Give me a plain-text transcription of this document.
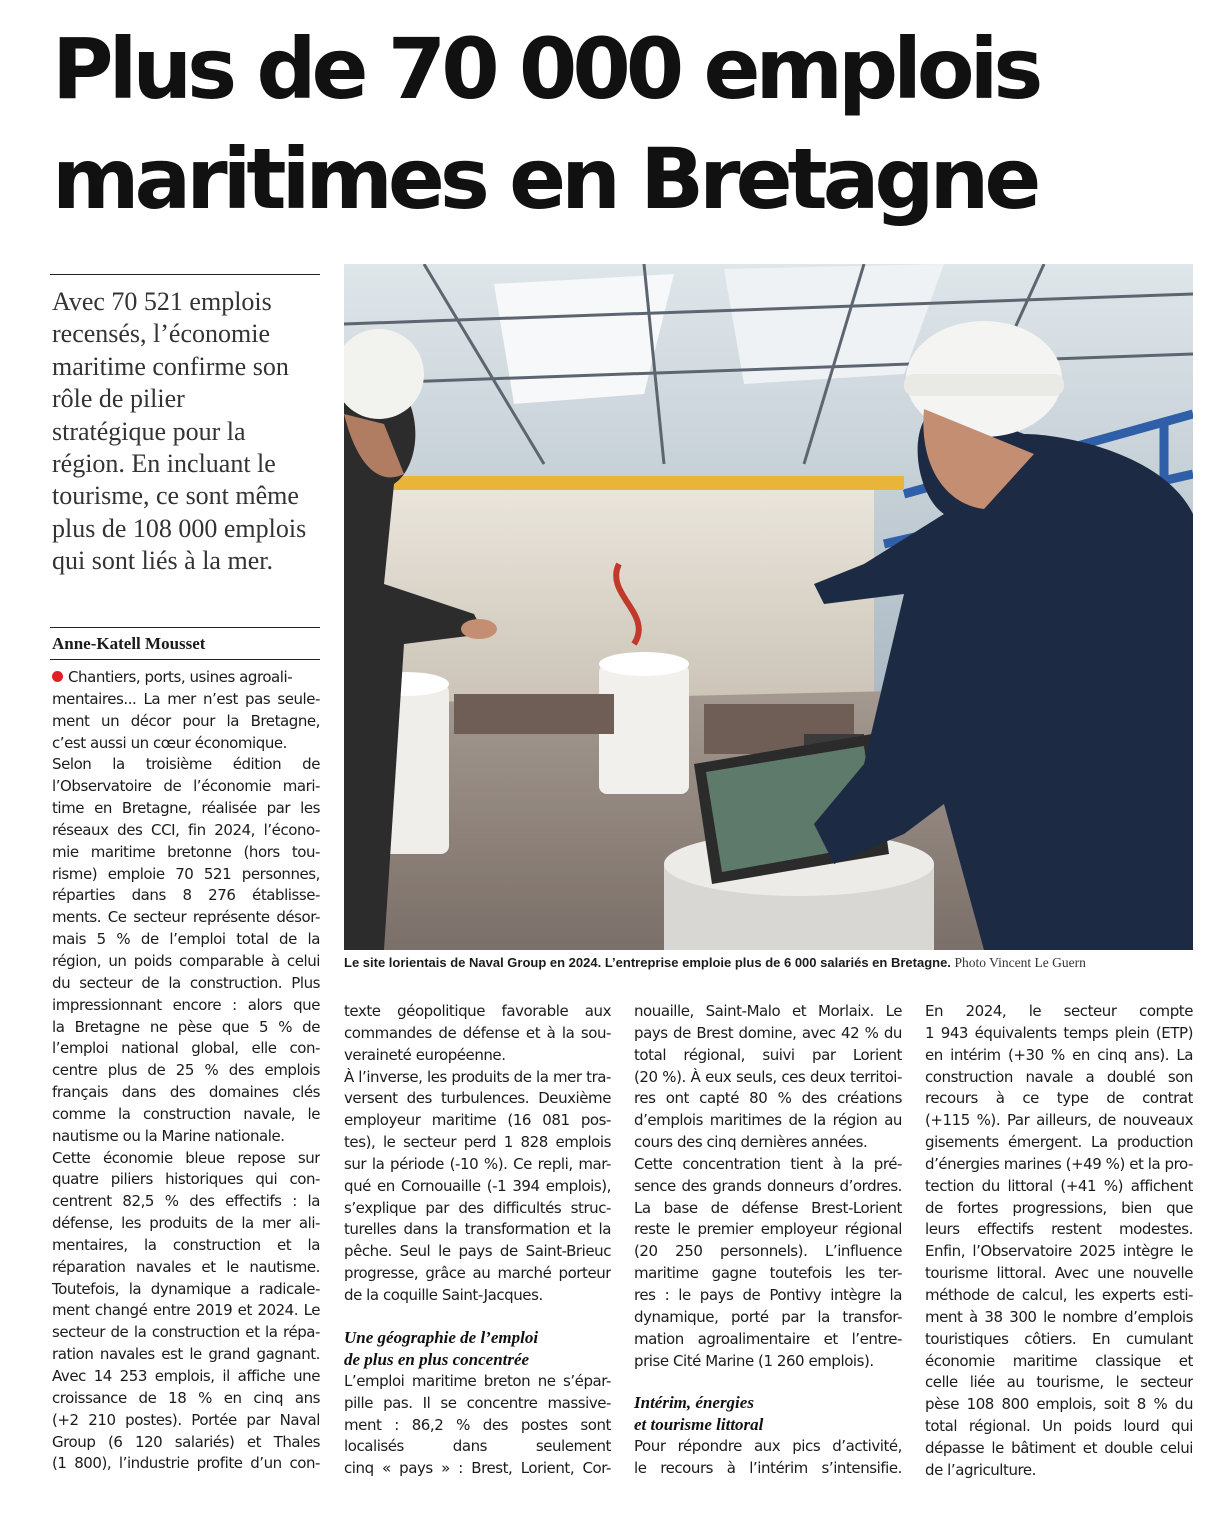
Plus de 70 000 emplois
maritimes en Bretagne

Avec 70 521 emplois
recensés, l’économie
maritime confirme son
rôle de pilier
stratégique pour la
région. En incluant le
tourisme, ce sont même
plus de 108 000 emplois
qui sont liés à la mer.

Anne-Katell Mousset

Le site lorientais de Naval Group en 2024. L’entreprise emploie plus de 6 000 salariés en Bretagne. Photo Vincent Le Guern

Chantiers, ports, usines agroali-
mentaires... La mer n’est pas seule-
ment un décor pour la Bretagne,
c’est aussi un cœur économique.
Selon la troisième édition de
l’Observatoire de l’économie mari-
time en Bretagne, réalisée par les
réseaux des CCI, fin 2024, l’écono-
mie maritime bretonne (hors tou-
risme) emploie 70 521 personnes,
réparties dans 8 276 établisse-
ments. Ce secteur représente désor-
mais 5 % de l’emploi total de la
région, un poids comparable à celui
du secteur de la construction. Plus
impressionnant encore : alors que
la Bretagne ne pèse que 5 % de
l’emploi national global, elle con-
centre plus de 25 % des emplois
français dans des domaines clés
comme la construction navale, le
nautisme ou la Marine nationale.
Cette économie bleue repose sur
quatre piliers historiques qui con-
centrent 82,5 % des effectifs : la
défense, les produits de la mer ali-
mentaires, la construction et la
réparation navales et le nautisme.
Toutefois, la dynamique a radicale-
ment changé entre 2019 et 2024. Le
secteur de la construction et la répa-
ration navales est le grand gagnant.
Avec 14 253 emplois, il affiche une
croissance de 18 % en cinq ans
(+2 210 postes). Portée par Naval
Group (6 120 salariés) et Thales
(1 800), l’industrie profite d’un con-
texte géopolitique favorable aux
commandes de défense et à la sou-
veraineté européenne.
À l’inverse, les produits de la mer tra-
versent des turbulences. Deuxième
employeur maritime (16 081 pos-
tes), le secteur perd 1 828 emplois
sur la période (-10 %). Ce repli, mar-
qué en Cornouaille (-1 394 emplois),
s’explique par des difficultés struc-
turelles dans la transformation et la
pêche. Seul le pays de Saint-Brieuc
progresse, grâce au marché porteur
de la coquille Saint-Jacques.
Une géographie de l’emploi
de plus en plus concentrée
L’emploi maritime breton ne s’épar-
pille pas. Il se concentre massive-
ment : 86,2 % des postes sont
localisés dans seulement
cinq « pays » : Brest, Lorient, Cor-
nouaille, Saint-Malo et Morlaix. Le
pays de Brest domine, avec 42 % du
total régional, suivi par Lorient
(20 %). À eux seuls, ces deux territoi-
res ont capté 80 % des créations
d’emplois maritimes de la région au
cours des cinq dernières années.
Cette concentration tient à la pré-
sence des grands donneurs d’ordres.
La base de défense Brest-Lorient
reste le premier employeur régional
(20 250 personnels). L’influence
maritime gagne toutefois les ter-
res : le pays de Pontivy intègre la
dynamique, porté par la transfor-
mation agroalimentaire et l’entre-
prise Cité Marine (1 260 emplois).
Intérim, énergies
et tourisme littoral
Pour répondre aux pics d’activité,
le recours à l’intérim s’intensifie.
En 2024, le secteur compte
1 943 équivalents temps plein (ETP)
en intérim (+30 % en cinq ans). La
construction navale a doublé son
recours à ce type de contrat
(+115 %). Par ailleurs, de nouveaux
gisements émergent. La production
d’énergies marines (+49 %) et la pro-
tection du littoral (+41 %) affichent
de fortes progressions, bien que
leurs effectifs restent modestes.
Enfin, l’Observatoire 2025 intègre le
tourisme littoral. Avec une nouvelle
méthode de calcul, les experts esti-
ment à 38 300 le nombre d’emplois
touristiques côtiers. En cumulant
économie maritime classique et
celle liée au tourisme, le secteur
pèse 108 800 emplois, soit 8 % du
total régional. Un poids lourd qui
dépasse le bâtiment et double celui
de l’agriculture.
